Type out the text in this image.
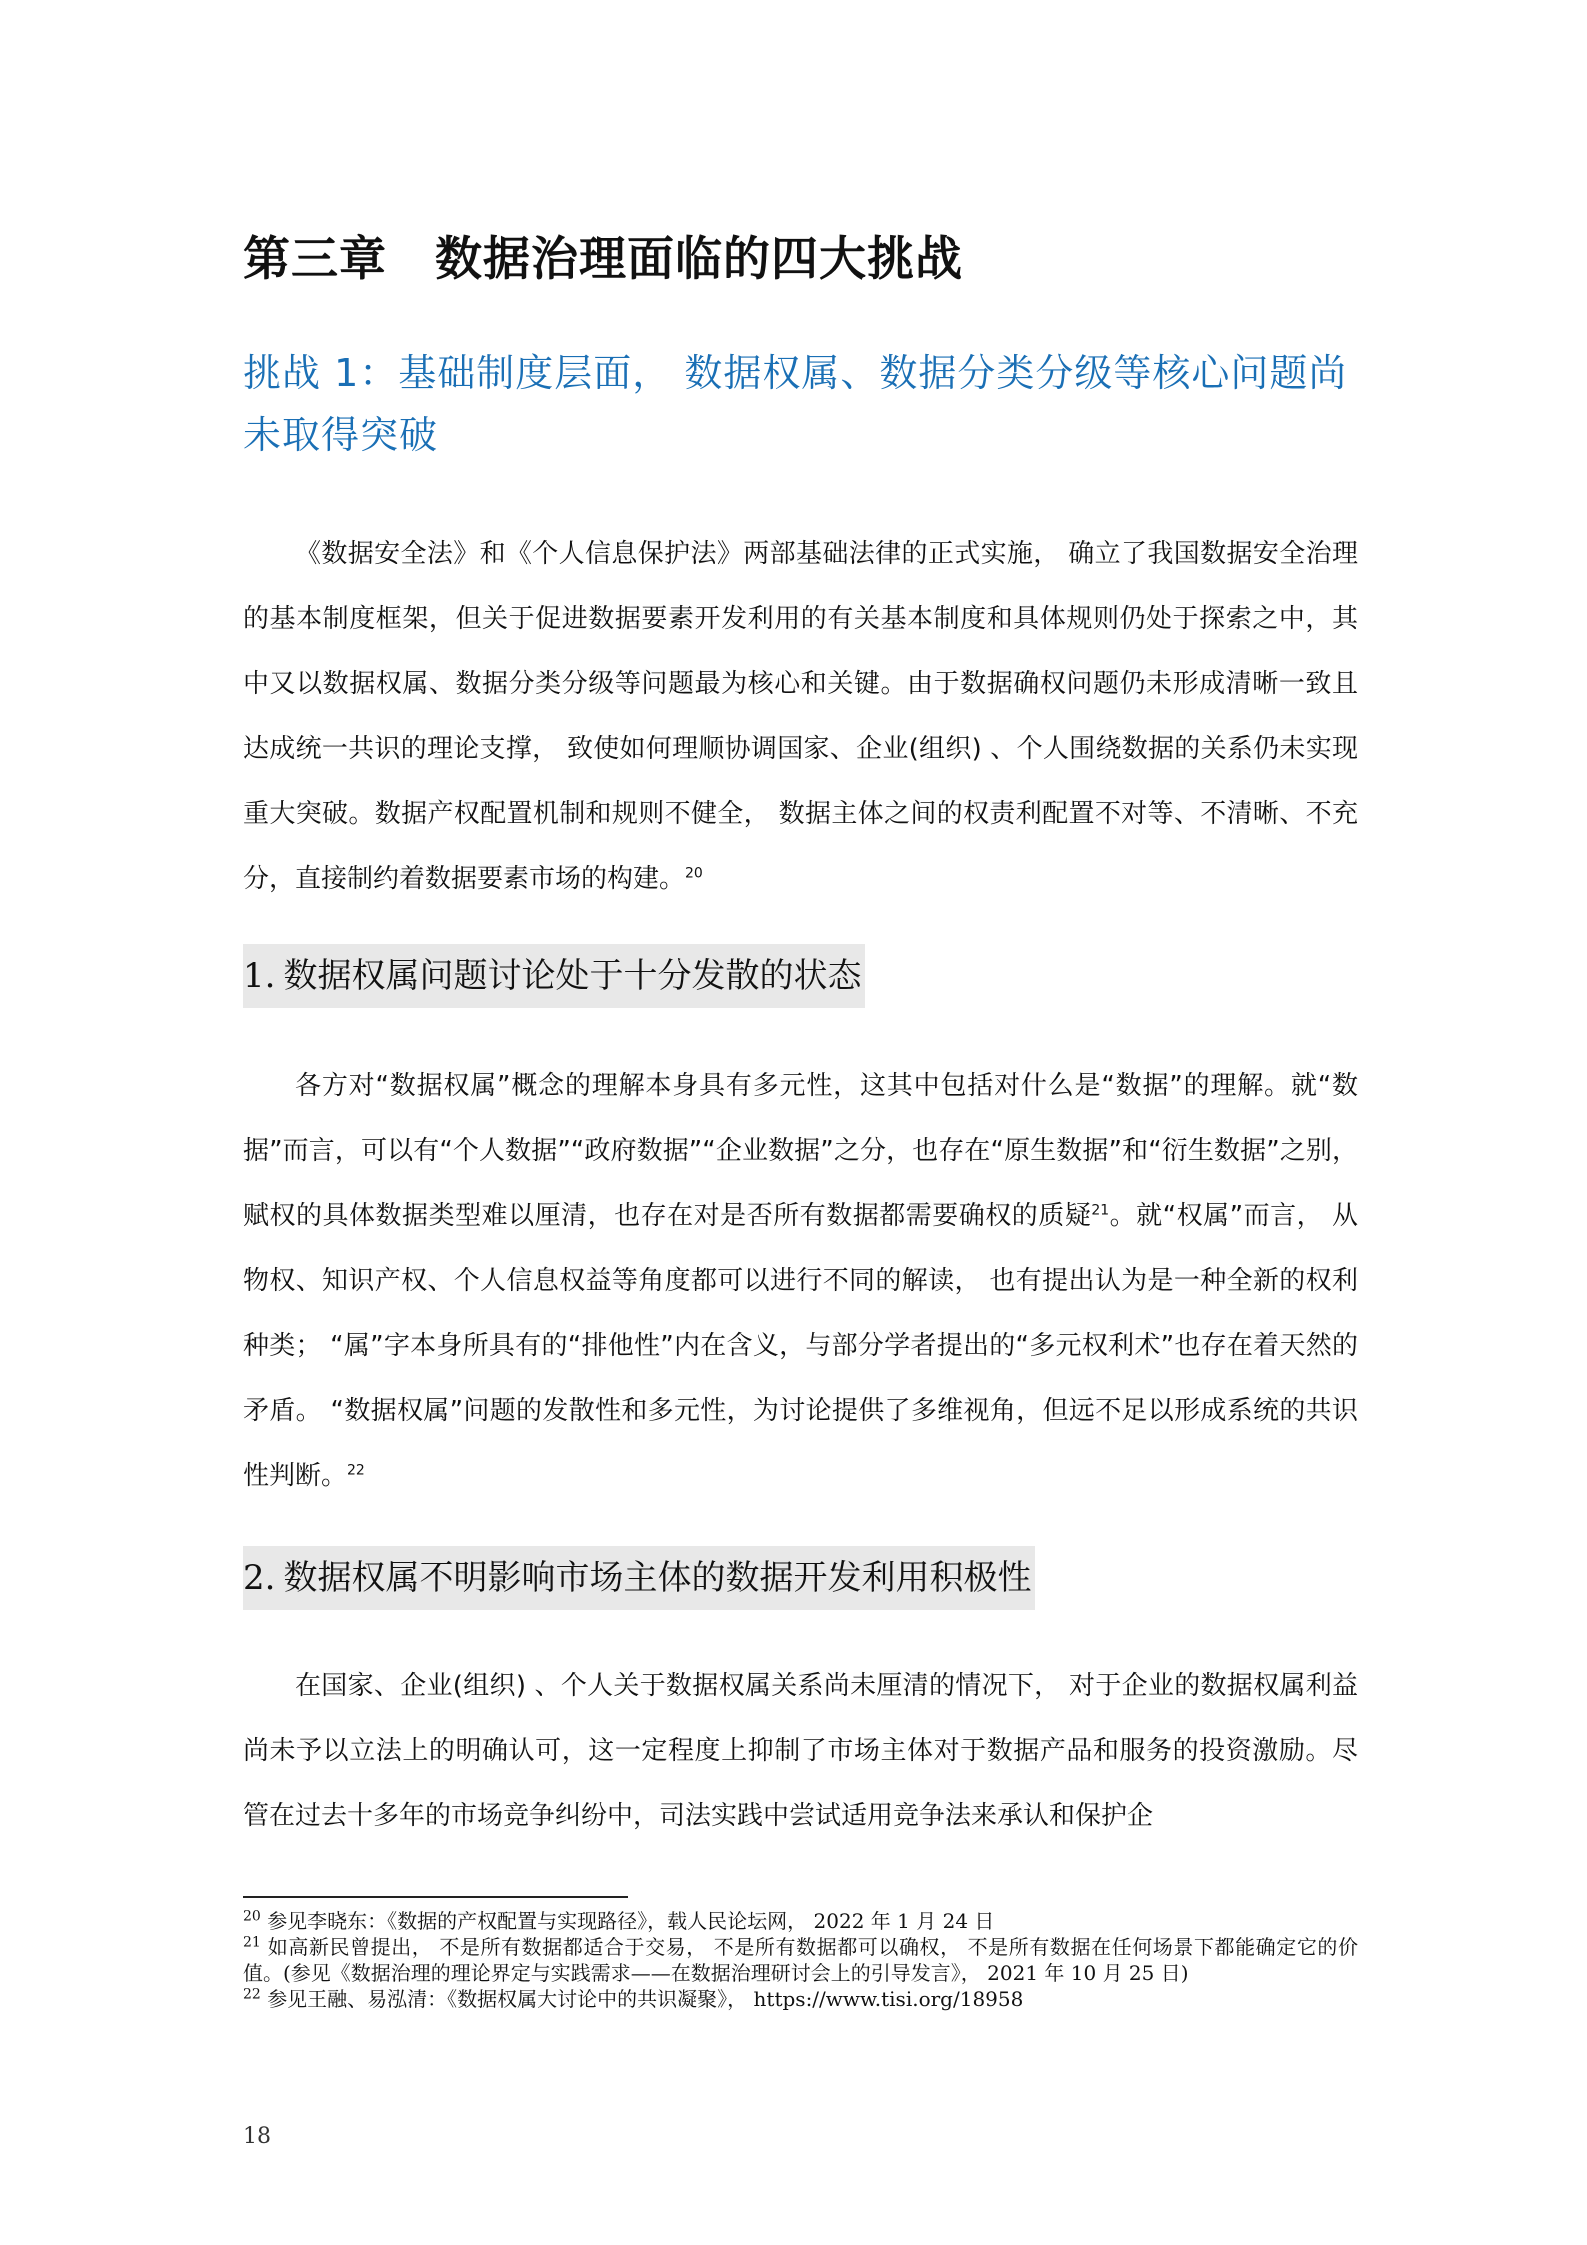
第三章　数据治理面临的四大挑战
挑战 1：基础制度层面， 数据权属、数据分类分级等核心问题尚未取得突破

《数据安全法》和《个人信息保护法》两部基础法律的正式实施， 确立了我国数据安全治理的基本制度框架，但关于促进数据要素开发利用的有关基本制度和具体规则仍处于探索之中，其中又以数据权属、数据分类分级等问题最为核心和关键。由于数据确权问题仍未形成清晰一致且达成统一共识的理论支撑， 致使如何理顺协调国家、企业(组织) 、个人围绕数据的关系仍未实现重大突破。数据产权配置机制和规则不健全， 数据主体之间的权责利配置不对等、不清晰、不充分，直接制约着数据要素市场的构建。$^{20}$

1. 数据权属问题讨论处于十分发散的状态

各方对“数据权属”概念的理解本身具有多元性，这其中包括对什么是“数据”的理解。就“数据”而言，可以有“个人数据”“政府数据”“企业数据”之分，也存在“原生数据”和“衍生数据”之别，赋权的具体数据类型难以厘清，也存在对是否所有数据都需要确权的质疑$^{21}$。就“权属”而言， 从物权、知识产权、个人信息权益等角度都可以进行不同的解读， 也有提出认为是一种全新的权利种类； “属”字本身所具有的“排他性”内在含义，与部分学者提出的“多元权利术”也存在着天然的矛盾。 “数据权属”问题的发散性和多元性，为讨论提供了多维视角，但远不足以形成系统的共识性判断。$^{22}$

2. 数据权属不明影响市场主体的数据开发利用积极性

在国家、企业(组织) 、个人关于数据权属关系尚未厘清的情况下， 对于企业的数据权属利益尚未予以立法上的明确认可，这一定程度上抑制了市场主体对于数据产品和服务的投资激励。尽管在过去十多年的市场竞争纠纷中，司法实践中尝试适用竞争法来承认和保护企

$^{20}$ 参见李晓东：《数据的产权配置与实现路径》，载人民论坛网， 2022 年 1 月 24 日

$^{21}$ 如高新民曾提出， 不是所有数据都适合于交易， 不是所有数据都可以确权， 不是所有数据在任何场景下都能确定它的价值。(参见《数据治理的理论界定与实践需求——在数据治理研讨会上的引导发言》， 2021 年 10 月 25 日)

$^{22}$ 参见王融、易泓清：《数据权属大讨论中的共识凝聚》， https://www.tisi.org/18958

18
